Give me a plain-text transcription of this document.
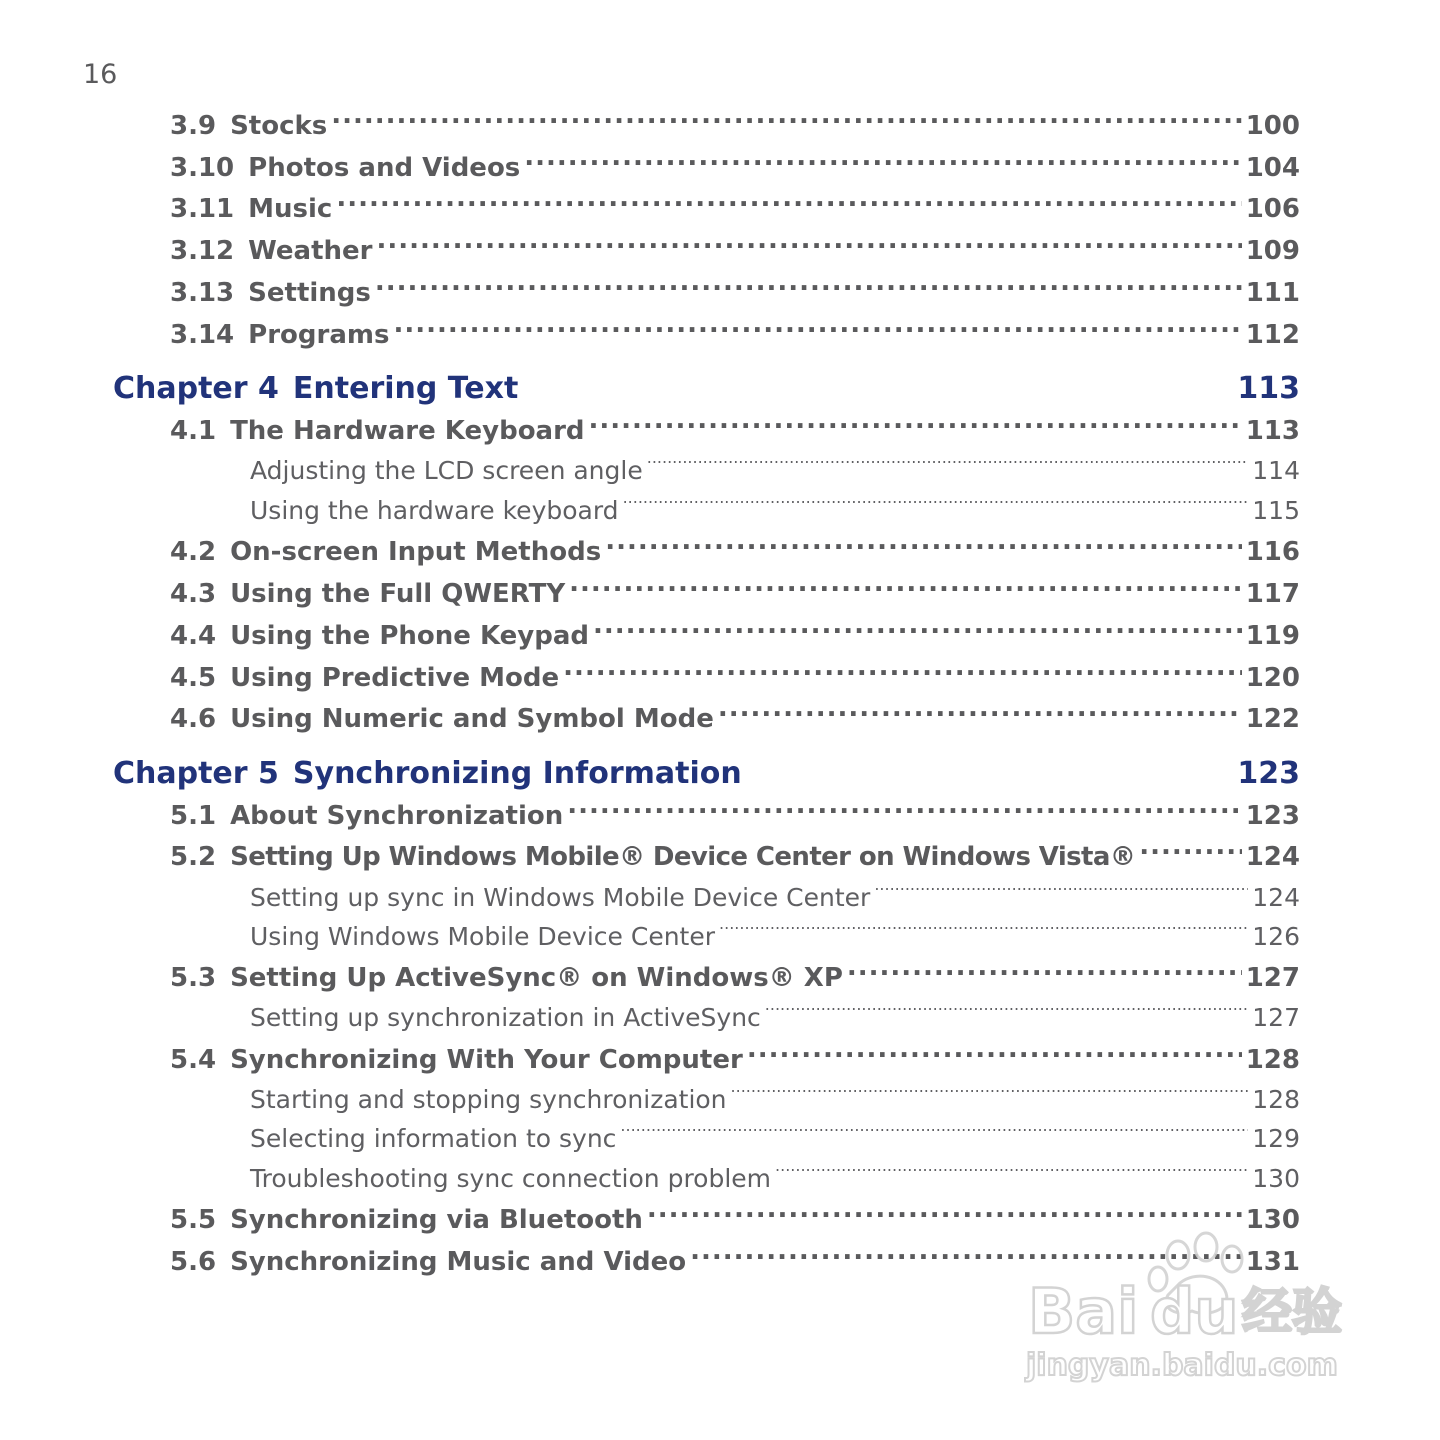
16
3.9 Stocks .....	100
3.10 Photos and Videos .....	104
3.11 Music .....	106
3.12 Weather .....	109
3.13 Settings .....	111
3.14 Programs .....	112
Chapter 4 Entering Text	113
4.1 The Hardware Keyboard .....	113
Adjusting the LCD screen angle .....	114
Using the hardware keyboard .....	115
4.2 On-screen Input Methods .....	116
4.3 Using the Full QWERTY .....	117
4.4 Using the Phone Keypad .....	119
4.5 Using Predictive Mode .....	120
4.6 Using Numeric and Symbol Mode .....	122
Chapter 5 Synchronizing Information	123
5.1 About Synchronization .....	123
5.2 Setting Up Windows Mobile® Device Center on Windows Vista® .....	124
Setting up sync in Windows Mobile Device Center .....	124
Using Windows Mobile Device Center .....	126
5.3 Setting Up ActiveSync® on Windows® XP .....	127
Setting up synchronization in ActiveSync .....	127
5.4 Synchronizing With Your Computer .....	128
Starting and stopping synchronization .....	128
Selecting information to sync .....	129
Troubleshooting sync connection problem .....	130
5.5 Synchronizing via Bluetooth .....	130
5.6 Synchronizing Music and Video .....	131
Bai du 经验
jingyan.baidu.com
